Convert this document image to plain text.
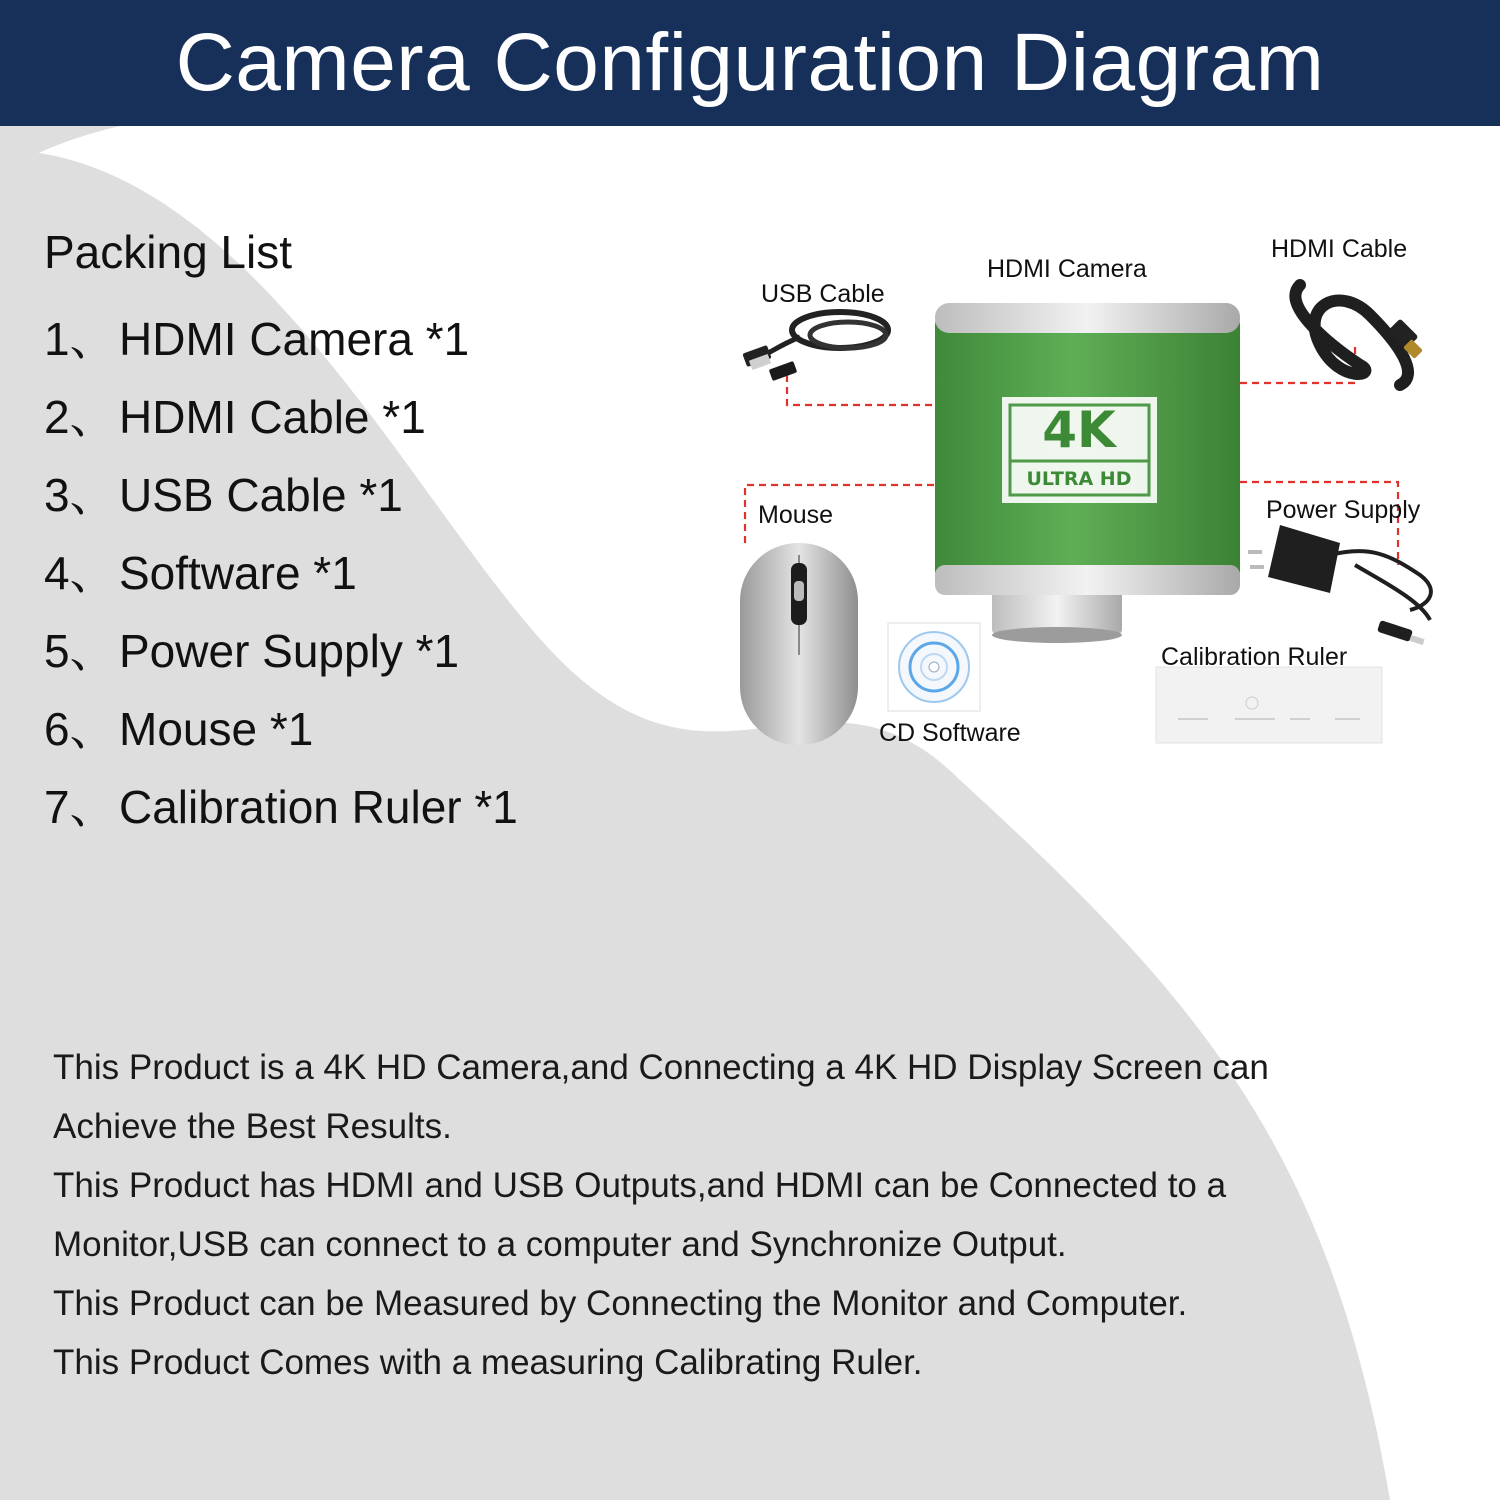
Camera Configuration Diagram
Packing List
1、HDMI Camera *1
2、HDMI Cable *1
3、USB Cable *1
4、Software *1
5、Power Supply *1
6、Mouse *1
7、Calibration Ruler *1
4K
ULTRA HD
HDMI Camera
HDMI Cable
USB Cable
Mouse	Power Supply
Calibration Ruler
CD Software

This Product is a 4K HD Camera,and Connecting a 4K HD Display Screen can

Achieve the Best Results.

This Product has HDMI and USB Outputs,and HDMI can be Connected to a

Monitor,USB can connect to a computer and Synchronize Output.

This Product can be Measured by Connecting the Monitor and Computer.

This Product Comes with a measuring Calibrating Ruler.
